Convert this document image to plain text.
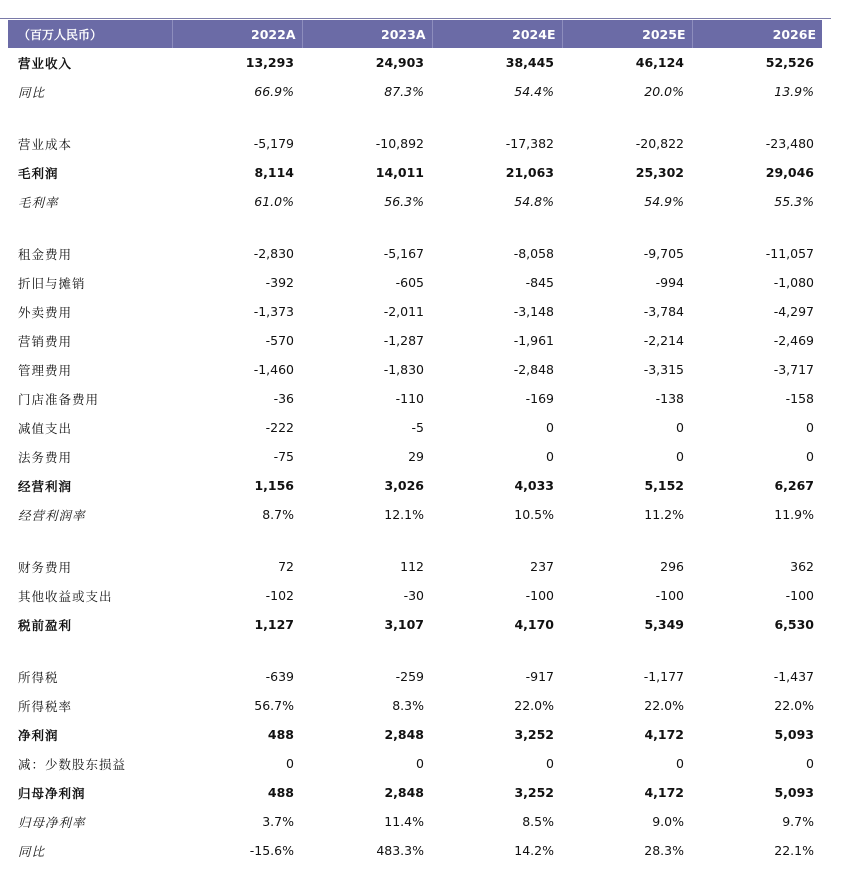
（百万人民币）	2022A	2023A	2024E	2025E	2026E
营业收入	13,293	24,903	38,445	46,124	52,526
同比	66.9%	87.3%	54.4%	20.0%	13.9%

营业成本	-5,179	-10,892	-17,382	-20,822	-23,480
毛利润	8,114	14,011	21,063	25,302	29,046
毛利率	61.0%	56.3%	54.8%	54.9%	55.3%

租金费用	-2,830	-5,167	-8,058	-9,705	-11,057
折旧与摊销	-392	-605	-845	-994	-1,080
外卖费用	-1,373	-2,011	-3,148	-3,784	-4,297
营销费用	-570	-1,287	-1,961	-2,214	-2,469
管理费用	-1,460	-1,830	-2,848	-3,315	-3,717
门店准备费用	-36	-110	-169	-138	-158
减值支出	-222	-5	0	0	0
法务费用	-75	29	0	0	0
经营利润	1,156	3,026	4,033	5,152	6,267
经营利润率	8.7%	12.1%	10.5%	11.2%	11.9%

财务费用	72	112	237	296	362
其他收益或支出	-102	-30	-100	-100	-100
税前盈利	1,127	3,107	4,170	5,349	6,530

所得税	-639	-259	-917	-1,177	-1,437
所得税率	56.7%	8.3%	22.0%	22.0%	22.0%
净利润	488	2,848	3,252	4,172	5,093
减：少数股东损益	0	0	0	0	0
归母净利润	488	2,848	3,252	4,172	5,093
归母净利率	3.7%	11.4%	8.5%	9.0%	9.7%
同比	-15.6%	483.3%	14.2%	28.3%	22.1%
